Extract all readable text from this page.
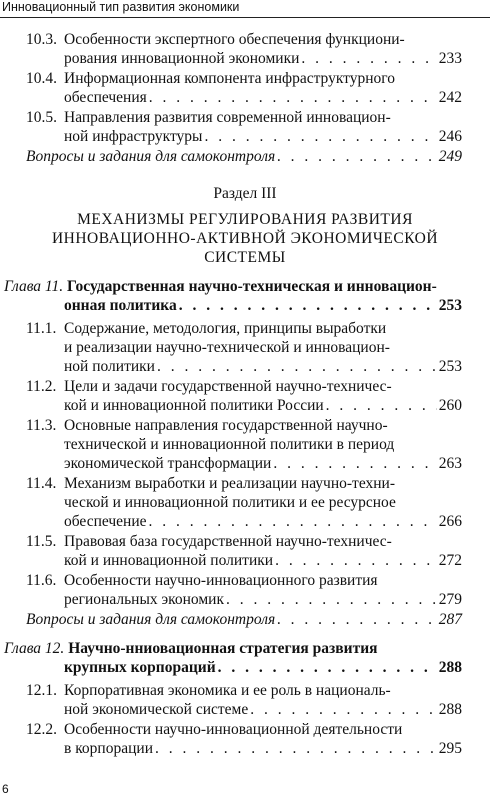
Инновационный тип развития экономики
10.3. Особенности экспертного обеспечения функциони-
рования инновационной экономики . . .	233
10.4. Информационная компонента инфраструктурного
обеспечения . . .	242
10.5. Направления развития современной инновацион-
ной инфраструктуры . . .	246
Вопросы и задания для самоконтроля . . .	249
Раздел III
МЕХАНИЗМЫ РЕГУЛИРОВАНИЯ РАЗВИТИЯ
ИННОВАЦИОННО-АКТИВНОЙ ЭКОНОМИЧЕСКОЙ
СИСТЕМЫ
Глава 11. Государственная научно-техническая и инновацион-
онная политика . . .	253
11.1. Содержание, методология, принципы выработки
и реализации научно-технической и инновацион-
ной политики . . .	253
11.2. Цели и задачи государственной научно-техничес-
кой и инновационной политики России . . .	260
11.3. Основные направления государственной научно-
технической и инновационной политики в период
экономической трансформации . . .	263
11.4. Механизм выработки и реализации научно-техни-
ческой и инновационной политики и ее ресурсное
обеспечение . . .	266
11.5. Правовая база государственной научно-техничес-
кой и инновационной политики . . .	272
11.6. Особенности научно-инновационного развития
региональных экономик . . .	279
Вопросы и задания для самоконтроля . . .	287
Глава 12. Научно-нниовационная стратегия развития
крупных корпораций . . .	288
12.1. Корпоративная экономика и ее роль в националь-
ной экономической системе . . .	288
12.2. Особенности научно-инновационной деятельности
в корпорации . . .	295
6
